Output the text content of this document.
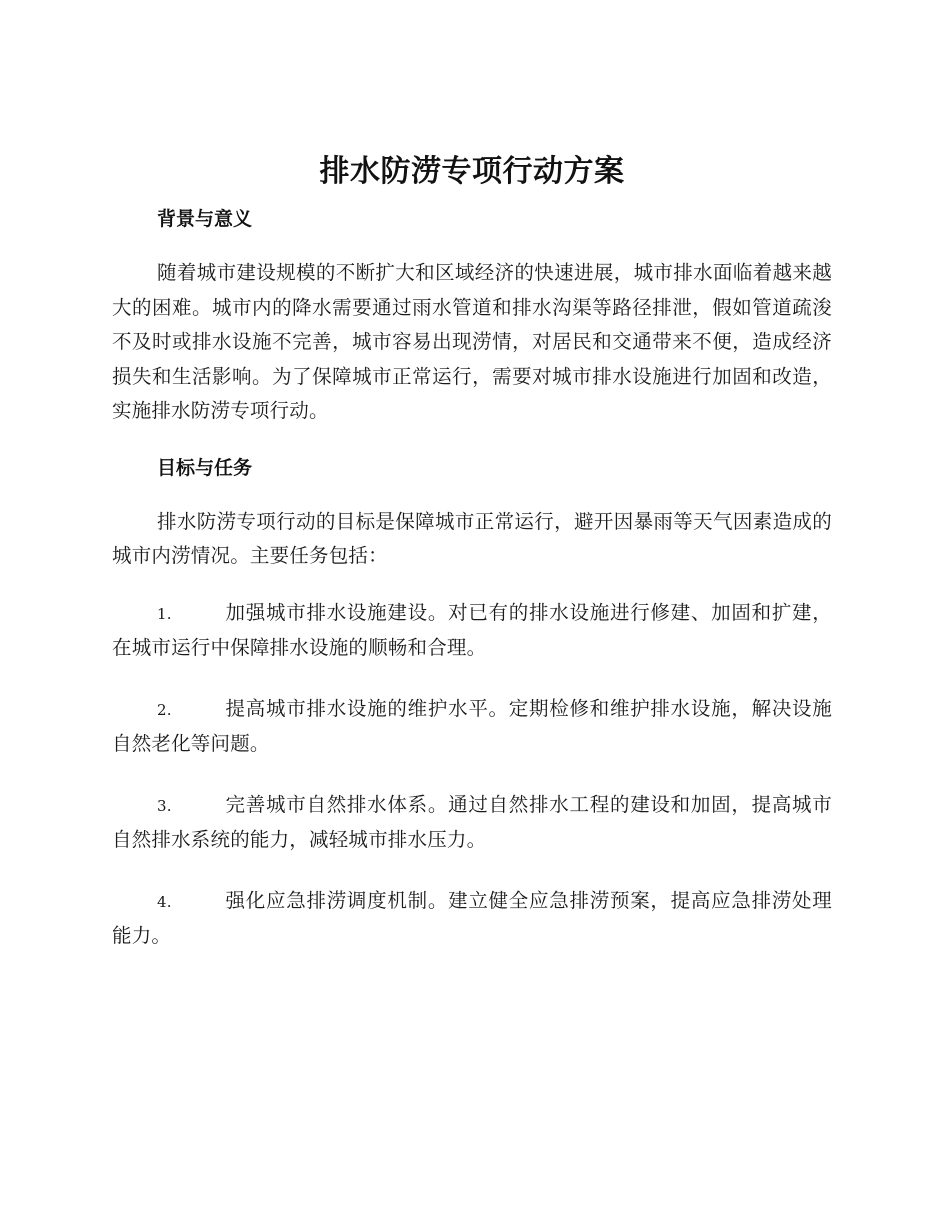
排水防涝专项行动方案
背景与意义

随着城市建设规模的不断扩大和区域经济的快速进展，城市排水面临着越来越大的困难。城市内的降水需要通过雨水管道和排水沟渠等路径排泄，假如管道疏浚不及时或排水设施不完善，城市容易出现涝情，对居民和交通带来不便，造成经济损失和生活影响。为了保障城市正常运行，需要对城市排水设施进行加固和改造，实施排水防涝专项行动。

目标与任务

排水防涝专项行动的目标是保障城市正常运行，避开因暴雨等天气因素造成的城市内涝情况。主要任务包括：

1.	加强城市排水设施建设。对已有的排水设施进行修建、加固和扩建，在城市运行中保障排水设施的顺畅和合理。
2.	提高城市排水设施的维护水平。定期检修和维护排水设施，解决设施自然老化等问题。
3.	完善城市自然排水体系。通过自然排水工程的建设和加固，提高城市自然排水系统的能力，减轻城市排水压力。
4.	强化应急排涝调度机制。建立健全应急排涝预案，提高应急排涝处理能力。
